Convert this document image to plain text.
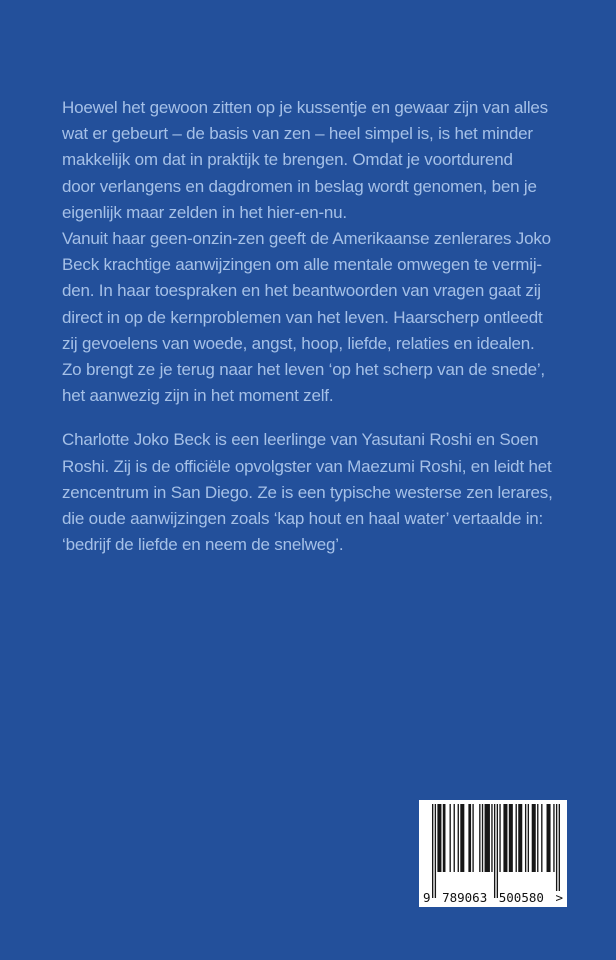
Hoewel het gewoon zitten op je kussentje en gewaar zijn van alles
wat er gebeurt – de basis van zen – heel simpel is, is het minder
makkelijk om dat in praktijk te brengen. Omdat je voortdurend
door verlangens en dagdromen in beslag wordt genomen, ben je
eigenlijk maar zelden in het hier-en-nu.
Vanuit haar geen-onzin-zen geeft de Amerikaanse zenlerares Joko
Beck krachtige aanwijzingen om alle mentale omwegen te vermij-
den. In haar toespraken en het beantwoorden van vragen gaat zij
direct in op de kernproblemen van het leven. Haarscherp ontleedt
zij gevoelens van woede, angst, hoop, liefde, relaties en idealen.
Zo brengt ze je terug naar het leven ‘op het scherp van de snede’,
het aanwezig zijn in het moment zelf.
Charlotte Joko Beck is een leerlinge van Yasutani Roshi en Soen
Roshi. Zij is de officiële opvolgster van Maezumi Roshi, en leidt het
zencentrum in San Diego. Ze is een typische westerse zen lerares,
die oude aanwijzingen zoals ‘kap hout en haal water’ vertaalde in:
‘bedrijf de liefde en neem de snelweg’.
9 789063 500580 >
